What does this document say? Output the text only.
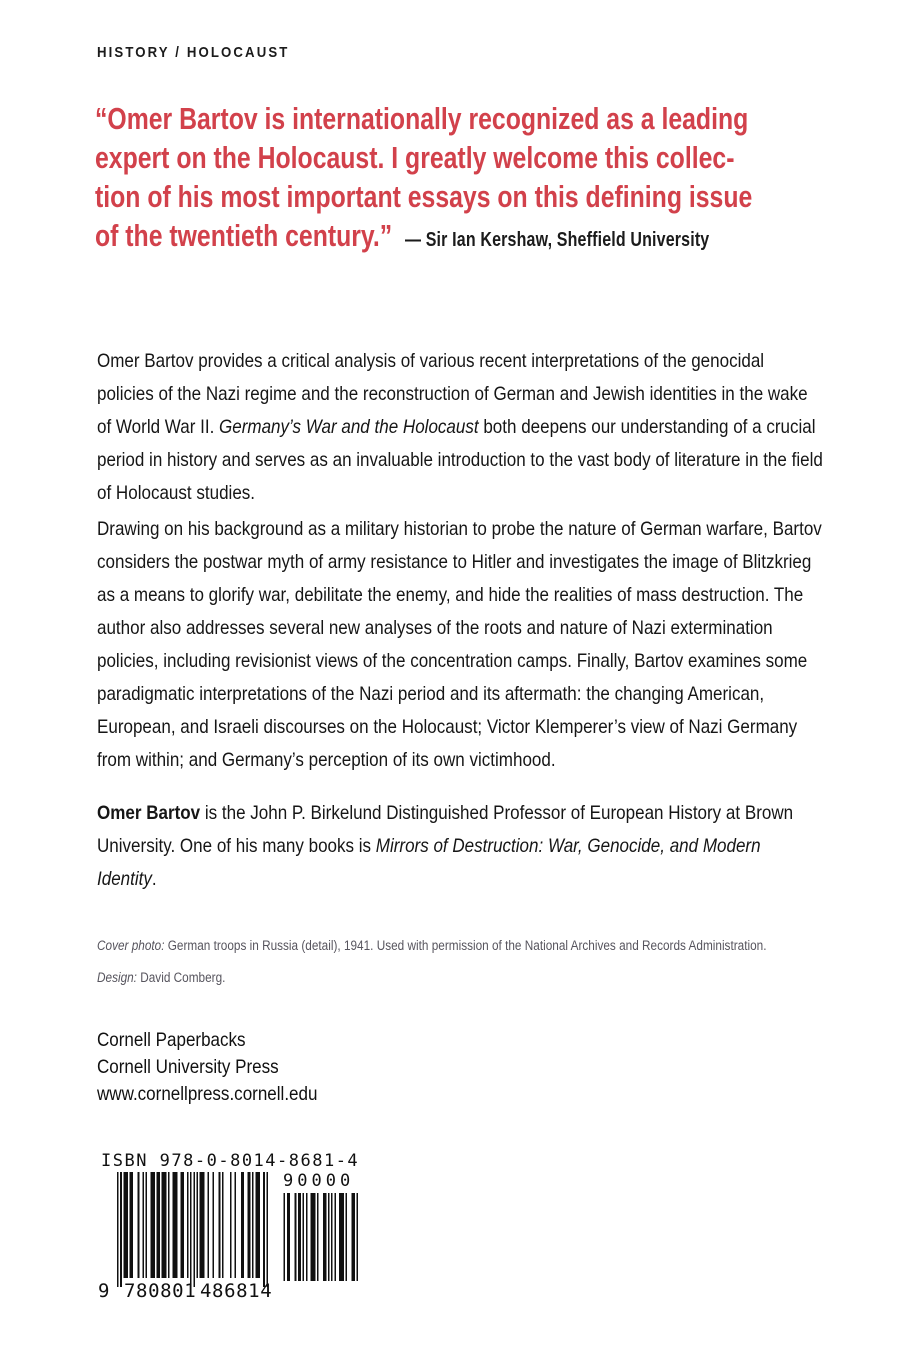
HISTORY / HOLOCAUST
“Omer Bartov is internationally recognized as a leading
expert on the Holocaust. I greatly welcome this collec-
tion of his most important essays on this defining issue
of the twentieth century.” — Sir Ian Kershaw, Sheffield University
Omer Bartov provides a critical analysis of various recent interpretations of the genocidal policies of the Nazi regime and the reconstruction of German and Jewish identities in the wake of World War II. Germany’s War and the Holocaust both deepens our understanding of a crucial period in history and serves as an invaluable introduction to the vast body of literature in the field of Holocaust studies.
Drawing on his background as a military historian to probe the nature of German warfare, Bartov considers the postwar myth of army resistance to Hitler and investigates the image of Blitzkrieg as a means to glorify war, debilitate the enemy, and hide the realities of mass destruction. The author also addresses several new analyses of the roots and nature of Nazi extermination policies, including revisionist views of the concentration camps. Finally, Bartov examines some paradigmatic interpretations of the Nazi period and its aftermath: the changing American, European, and Israeli discourses on the Holocaust; Victor Klemperer’s view of Nazi Germany from within; and Germany’s perception of its own victimhood.
Omer Bartov is the John P. Birkelund Distinguished Professor of European History at Brown University. One of his many books is Mirrors of Destruction: War, Genocide, and Modern Identity.
Cover photo: German troops in Russia (detail), 1941. Used with permission of the National Archives and Records Administration.
Design: David Comberg.
Cornell Paperbacks
Cornell University Press
www.cornellpress.cornell.edu
ISBN 978-0-8014-8681-4
9 780801 486814
90000
